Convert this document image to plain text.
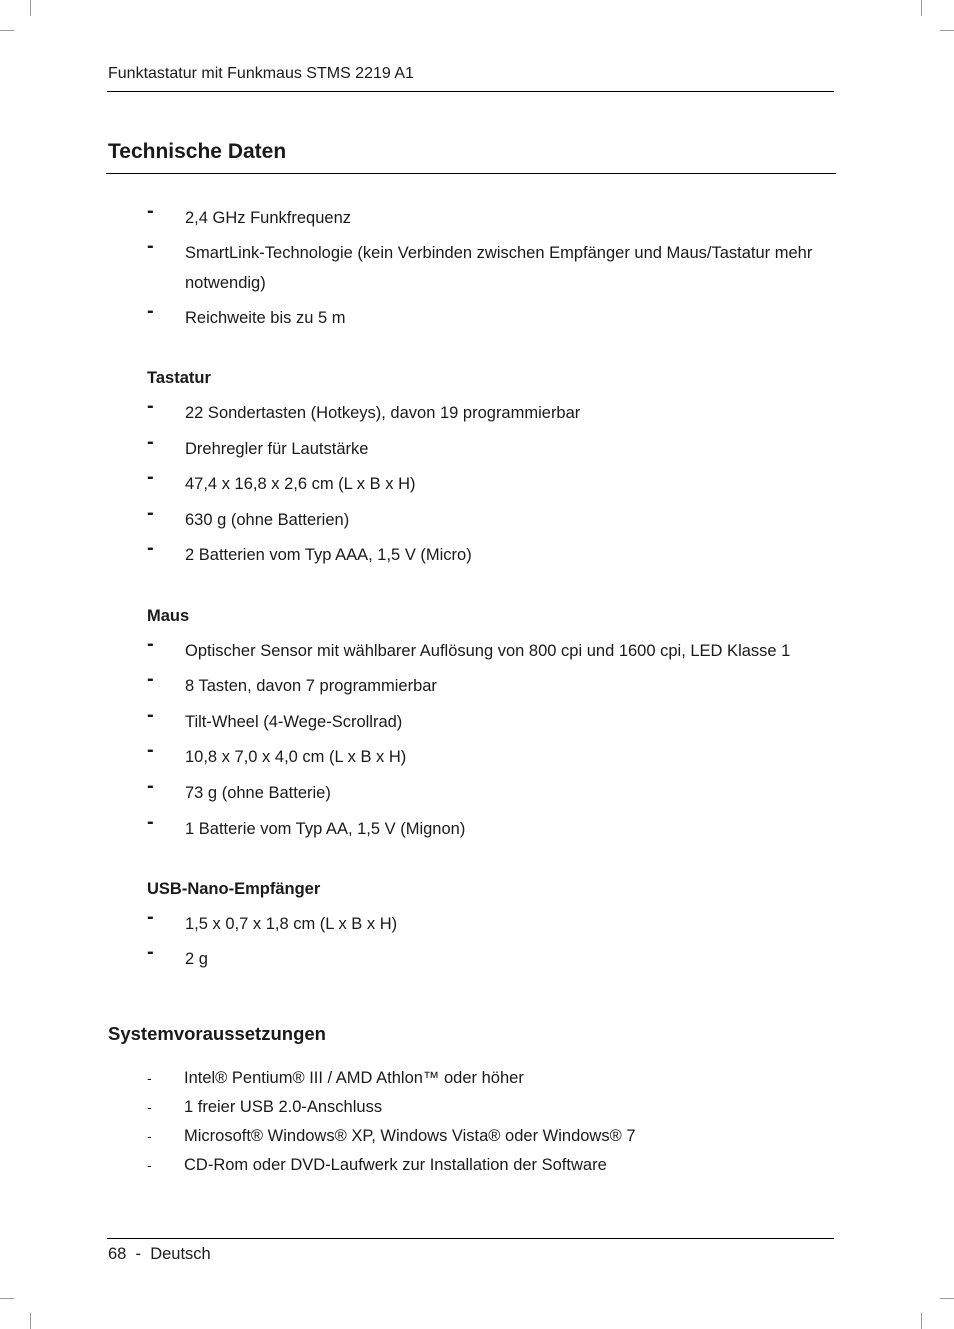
Funktastatur mit Funkmaus STMS 2219 A1
Technische Daten
- 2,4 GHz Funkfrequenz
- SmartLink-Technologie (kein Verbinden zwischen Empfänger und Maus/Tastatur mehr notwendig)
- Reichweite bis zu 5 m
Tastatur
- 22 Sondertasten (Hotkeys), davon 19 programmierbar
- Drehregler für Lautstärke
- 47,4 x 16,8 x 2,6 cm (L x B x H)
- 630 g (ohne Batterien)
- 2 Batterien vom Typ AAA, 1,5 V (Micro)
Maus
- Optischer Sensor mit wählbarer Auflösung von 800 cpi und 1600 cpi, LED Klasse 1
- 8 Tasten, davon 7 programmierbar
- Tilt-Wheel (4-Wege-Scrollrad)
- 10,8 x 7,0 x 4,0 cm (L x B x H)
- 73 g (ohne Batterie)
- 1 Batterie vom Typ AA, 1,5 V (Mignon)
USB-Nano-Empfänger
- 1,5 x 0,7 x 1,8 cm (L x B x H)
- 2 g
Systemvoraussetzungen
- Intel® Pentium® III / AMD Athlon™ oder höher
- 1 freier USB 2.0-Anschluss
- Microsoft® Windows® XP, Windows Vista® oder Windows® 7
- CD-Rom oder DVD-Laufwerk zur Installation der Software
68 - Deutsch
